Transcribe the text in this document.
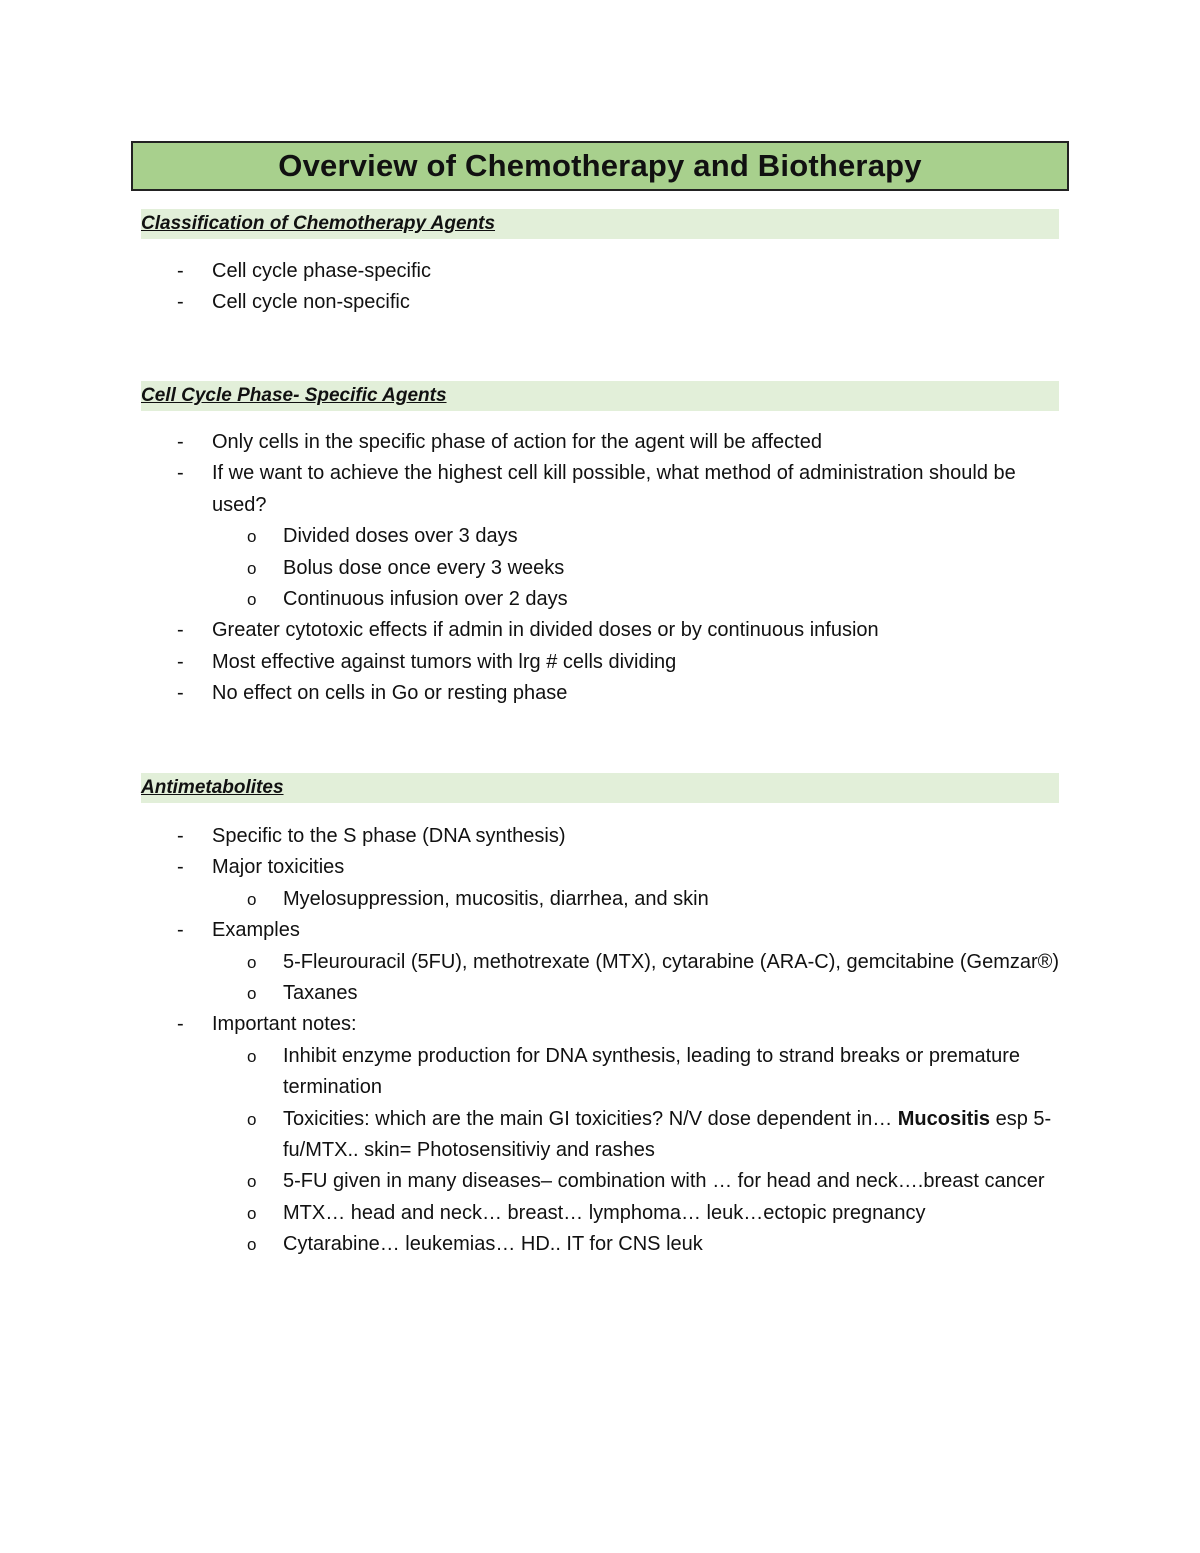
Overview of Chemotherapy and Biotherapy
Classification of Chemotherapy Agents
- Cell cycle phase-specific
- Cell cycle non-specific
Cell Cycle Phase- Specific Agents
- Only cells in the specific phase of action for the agent will be affected
- If we want to achieve the highest cell kill possible, what method of administration should be used?
o Divided doses over 3 days
o Bolus dose once every 3 weeks
o Continuous infusion over 2 days
- Greater cytotoxic effects if admin in divided doses or by continuous infusion
- Most effective against tumors with lrg # cells dividing
- No effect on cells in Go or resting phase
Antimetabolites
- Specific to the S phase (DNA synthesis)
- Major toxicities
o Myelosuppression, mucositis, diarrhea, and skin
- Examples
o 5-Fleurouracil (5FU), methotrexate (MTX), cytarabine (ARA-C), gemcitabine (Gemzar®)
o Taxanes
- Important notes:
o Inhibit enzyme production for DNA synthesis, leading to strand breaks or premature termination
o Toxicities: which are the main GI toxicities? N/V dose dependent in… Mucositis esp 5-fu/MTX.. skin= Photosensitiviy and rashes
o 5-FU given in many diseases– combination with … for head and neck….breast cancer
o MTX… head and neck… breast… lymphoma… leuk…ectopic pregnancy
o Cytarabine… leukemias… HD.. IT for CNS leuk
